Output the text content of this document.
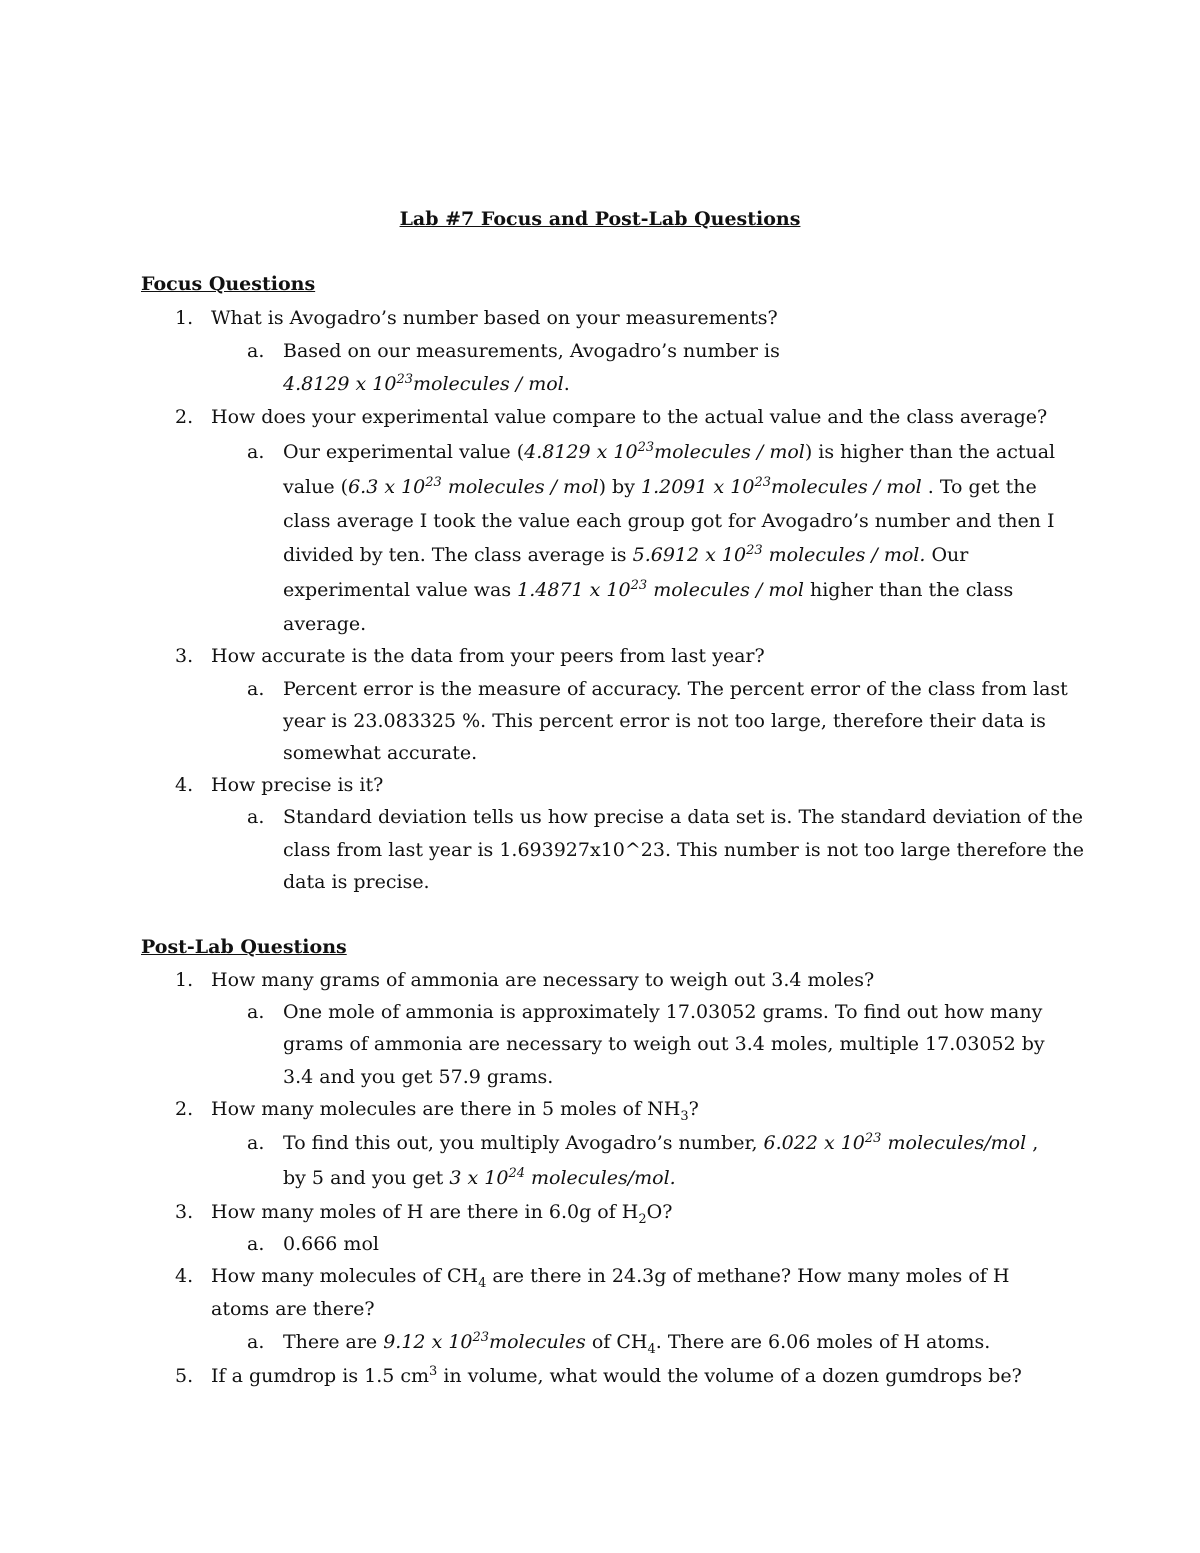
Lab #7 Focus and Post-Lab Questions
Focus Questions
1. What is Avogadro’s number based on your measurements?
a. Based on our measurements, Avogadro’s number is
4.8129 x $10^{23}molecules$ / mol.
2. How does your experimental value compare to the actual value and the class average?
a. Our experimental value (4.8129 x $10^{23}molecules / mol$) is higher than the actual
value (6.3 x $10^{23}$ molecules / mol) by 1.2091 x $10^{23}molecules$ / mol . To get the
class average I took the value each group got for Avogadro’s number and then I
divided by ten. The class average is 5.6912 x $10^{23}$ molecules / mol. Our
experimental value was 1.4871 x $10^{23}$ molecules / mol higher than the class
average.
3. How accurate is the data from your peers from last year?
a. Percent error is the measure of accuracy. The percent error of the class from last
year is 23.083325 %. This percent error is not too large, therefore their data is
somewhat accurate.
4. How precise is it?
a. Standard deviation tells us how precise a data set is. The standard deviation of the
class from last year is 1.693927x10^23. This number is not too large therefore the
data is precise.
Post-Lab Questions
1. How many grams of ammonia are necessary to weigh out 3.4 moles?
a. One mole of ammonia is approximately 17.03052 grams. To find out how many
grams of ammonia are necessary to weigh out 3.4 moles, multiple 17.03052 by
3.4 and you get 57.9 grams.
2. How many molecules are there in 5 moles of $NH_3$?
a. To find this out, you multiply Avogadro’s number, 6.022 x $10^{23}$ molecules/mol ,
by 5 and you get 3 x $10^{24}$ molecules/mol.
3. How many moles of H are there in 6.0g of $H_2O$?
a. 0.666 mol
4. How many molecules of $CH_4$ are there in 24.3g of methane? How many moles of H
atoms are there?
a. There are 9.12 x $10^{23}molecules$ of $CH_4$. There are 6.06 moles of H atoms.
5. If a gumdrop is 1.5 $cm^3$ in volume, what would the volume of a dozen gumdrops be?
